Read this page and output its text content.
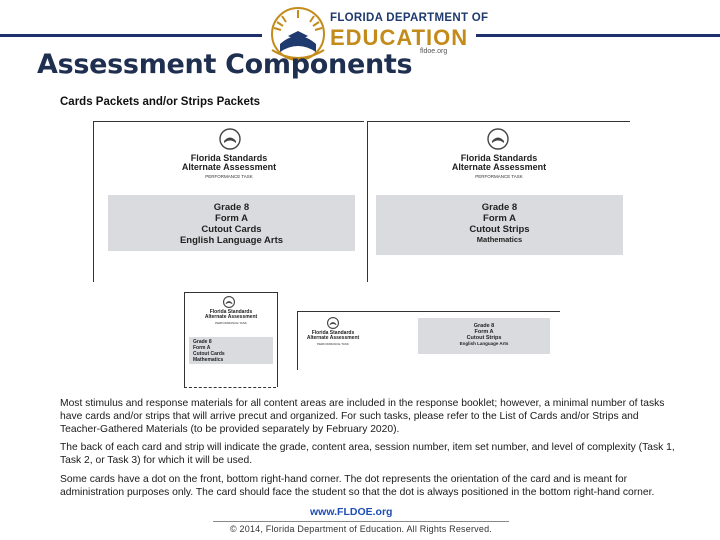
FLORIDA DEPARTMENT OF
EDUCATION
fldoe.org
Assessment Components
Cards Packets and/or Strips Packets
Florida Standards
Alternate Assessment
PERFORMANCE TASK
Grade 8
Form A
Cutout Cards
English Language Arts
Florida Standards
Alternate Assessment
PERFORMANCE TASK
Grade 8
Form A
Cutout Strips
Mathematics
Florida Standards
Alternate Assessment
PERFORMANCE TASK
Grade 8
Form A
Cutout Cards
Mathematics
Florida Standards
Alternate Assessment
PERFORMANCE TASK
Grade 8
Form A
Cutout Strips
English Language Arts

Most stimulus and response materials for all content areas are included in the response booklet; however, a minimal number of tasks have cards and/or strips that will arrive precut and organized. For such tasks, please refer to the List of Cards and/or Strips and Teacher-Gathered Materials (to be provided separately by February 2020).

The back of each card and strip will indicate the grade, content area, session number, item set number, and level of complexity (Task 1, Task 2, or Task 3) for which it will be used.

Some cards have a dot on the front, bottom right-hand corner. The dot represents the orientation of the card and is meant for administration purposes only. The card should face the student so that the dot is always positioned in the bottom right-hand corner.

www.FLDOE.org
© 2014, Florida Department of Education. All Rights Reserved.
